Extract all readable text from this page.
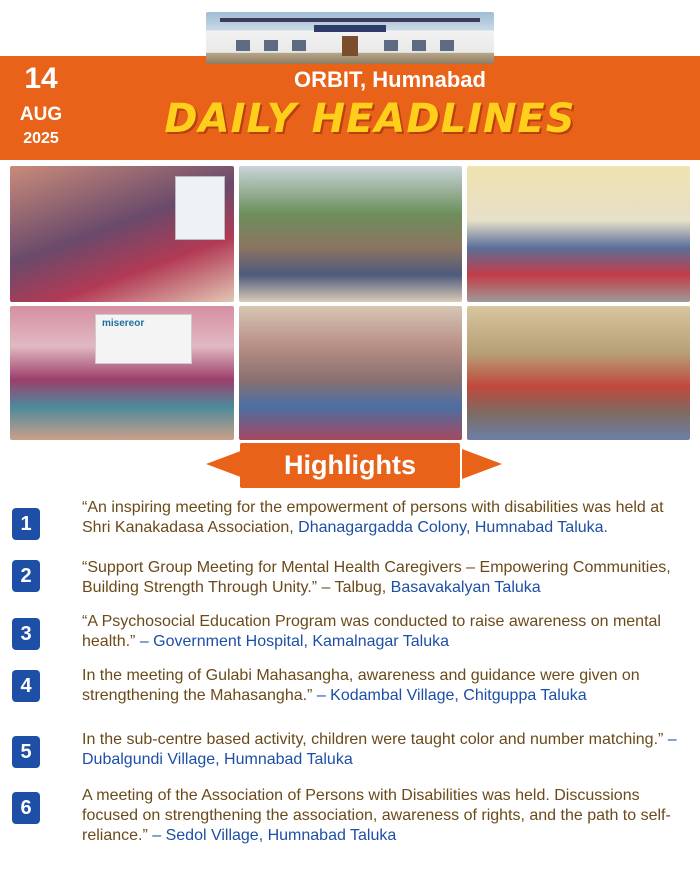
14
AUG
2025
ORBIT, Humnabad
DAILY HEADLINES
misereor
Highlights
1
“An inspiring meeting for the empowerment of persons with disabilities was held at Shri Kanakadasa Association, Dhanagargadda Colony, Humnabad Taluka.
2	“Support Group Meeting for Mental Health Caregivers – Empowering Communities, Building Strength Through Unity.” – Talbug, Basavakalyan Taluka
3
“A Psychosocial Education Program was conducted to raise awareness on mental health.” – Government Hospital, Kamalnagar Taluka
4	In the meeting of Gulabi Mahasangha, awareness and guidance were given on strengthening the Mahasangha.” – Kodambal Village, Chitguppa Taluka
5
In the sub-centre based activity, children were taught color and number matching.” – Dubalgundi Village, Humnabad Taluka
6
A meeting of the Association of Persons with Disabilities was held. Discussions focused on strengthening the association, awareness of rights, and the path to self-reliance.” – Sedol Village, Humnabad Taluka
